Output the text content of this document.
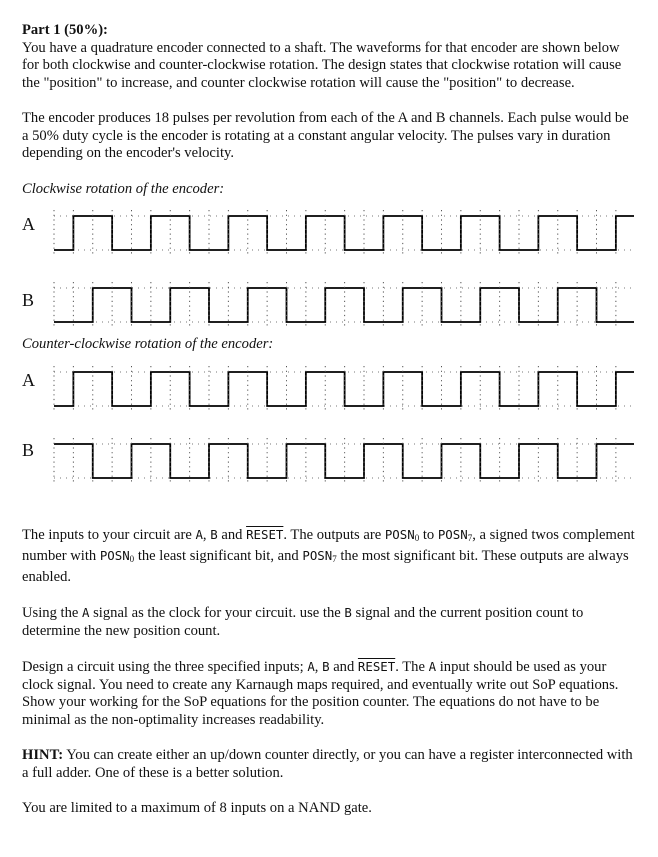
Part 1 (50%):

You have a quadrature encoder connected to a shaft. The waveforms for that encoder are shown below for both clockwise and counter-clockwise rotation. The design states that clockwise rotation will cause the "position" to increase, and counter clockwise rotation will cause the "position" to decrease.

The encoder produces 18 pulses per revolution from each of the A and B channels. Each pulse would be a 50% duty cycle is the encoder is rotating at a constant angular velocity. The pulses vary in duration depending on the encoder's velocity.

Clockwise rotation of the encoder:

A
B

Counter-clockwise rotation of the encoder:

A
B

The inputs to your circuit are A, B and RESET. The outputs are $POSN_0$ to $POSN_7$, a signed twos complement number with $POSN_0$ the least significant bit, and $POSN_7$ the most significant bit. These outputs are always enabled.

Using the A signal as the clock for your circuit. use the B signal and the current position count to determine the new position count.

Design a circuit using the three specified inputs; A, B and RESET. The A input should be used as your clock signal. You need to create any Karnaugh maps required, and eventually write out SoP equations. Show your working for the SoP equations for the position counter. The equations do not have to be minimal as the non-optimality increases readability.

HINT: You can create either an up/down counter directly, or you can have a register interconnected with a full adder. One of these is a better solution.

You are limited to a maximum of 8 inputs on a NAND gate.
